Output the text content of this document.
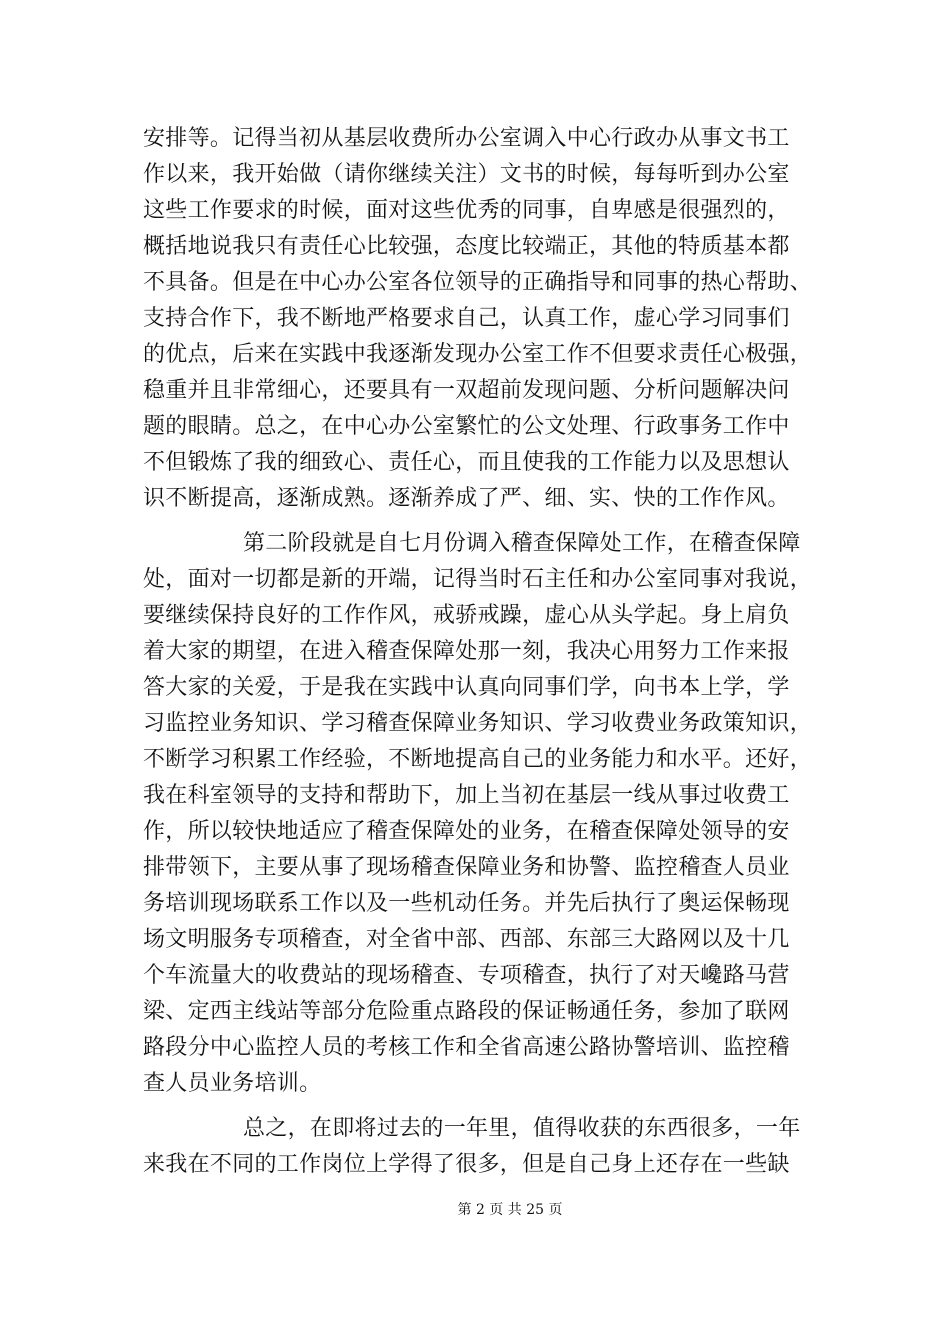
安排等。记得当初从基层收费所办公室调入中心行政办从事文书工
作以来，我开始做（请你继续关注）文书的时候，每每听到办公室
这些工作要求的时候，面对这些优秀的同事，自卑感是很强烈的，
概括地说我只有责任心比较强，态度比较端正，其他的特质基本都
不具备。但是在中心办公室各位领导的正确指导和同事的热心帮助、
支持合作下，我不断地严格要求自己，认真工作，虚心学习同事们
的优点，后来在实践中我逐渐发现办公室工作不但要求责任心极强，
稳重并且非常细心，还要具有一双超前发现问题、分析问题解决问
题的眼睛。总之，在中心办公室繁忙的公文处理、行政事务工作中
不但锻炼了我的细致心、责任心，而且使我的工作能力以及思想认
识不断提高，逐渐成熟。逐渐养成了严、细、实、快的工作作风。
第二阶段就是自七月份调入稽查保障处工作，在稽查保障
处，面对一切都是新的开端，记得当时石主任和办公室同事对我说，
要继续保持良好的工作作风，戒骄戒躁，虚心从头学起。身上肩负
着大家的期望，在进入稽查保障处那一刻，我决心用努力工作来报
答大家的关爱，于是我在实践中认真向同事们学，向书本上学，学
习监控业务知识、学习稽查保障业务知识、学习收费业务政策知识，
不断学习积累工作经验，不断地提高自己的业务能力和水平。还好，
我在科室领导的支持和帮助下，加上当初在基层一线从事过收费工
作，所以较快地适应了稽查保障处的业务，在稽查保障处领导的安
排带领下，主要从事了现场稽查保障业务和协警、监控稽查人员业
务培训现场联系工作以及一些机动任务。并先后执行了奥运保畅现
场文明服务专项稽查，对全省中部、西部、东部三大路网以及十几
个车流量大的收费站的现场稽查、专项稽查，执行了对天巉路马营
梁、定西主线站等部分危险重点路段的保证畅通任务，参加了联网
路段分中心监控人员的考核工作和全省高速公路协警培训、监控稽
查人员业务培训。
总之，在即将过去的一年里，值得收获的东西很多，一年
来我在不同的工作岗位上学得了很多，但是自己身上还存在一些缺
第 2 页 共 25 页
